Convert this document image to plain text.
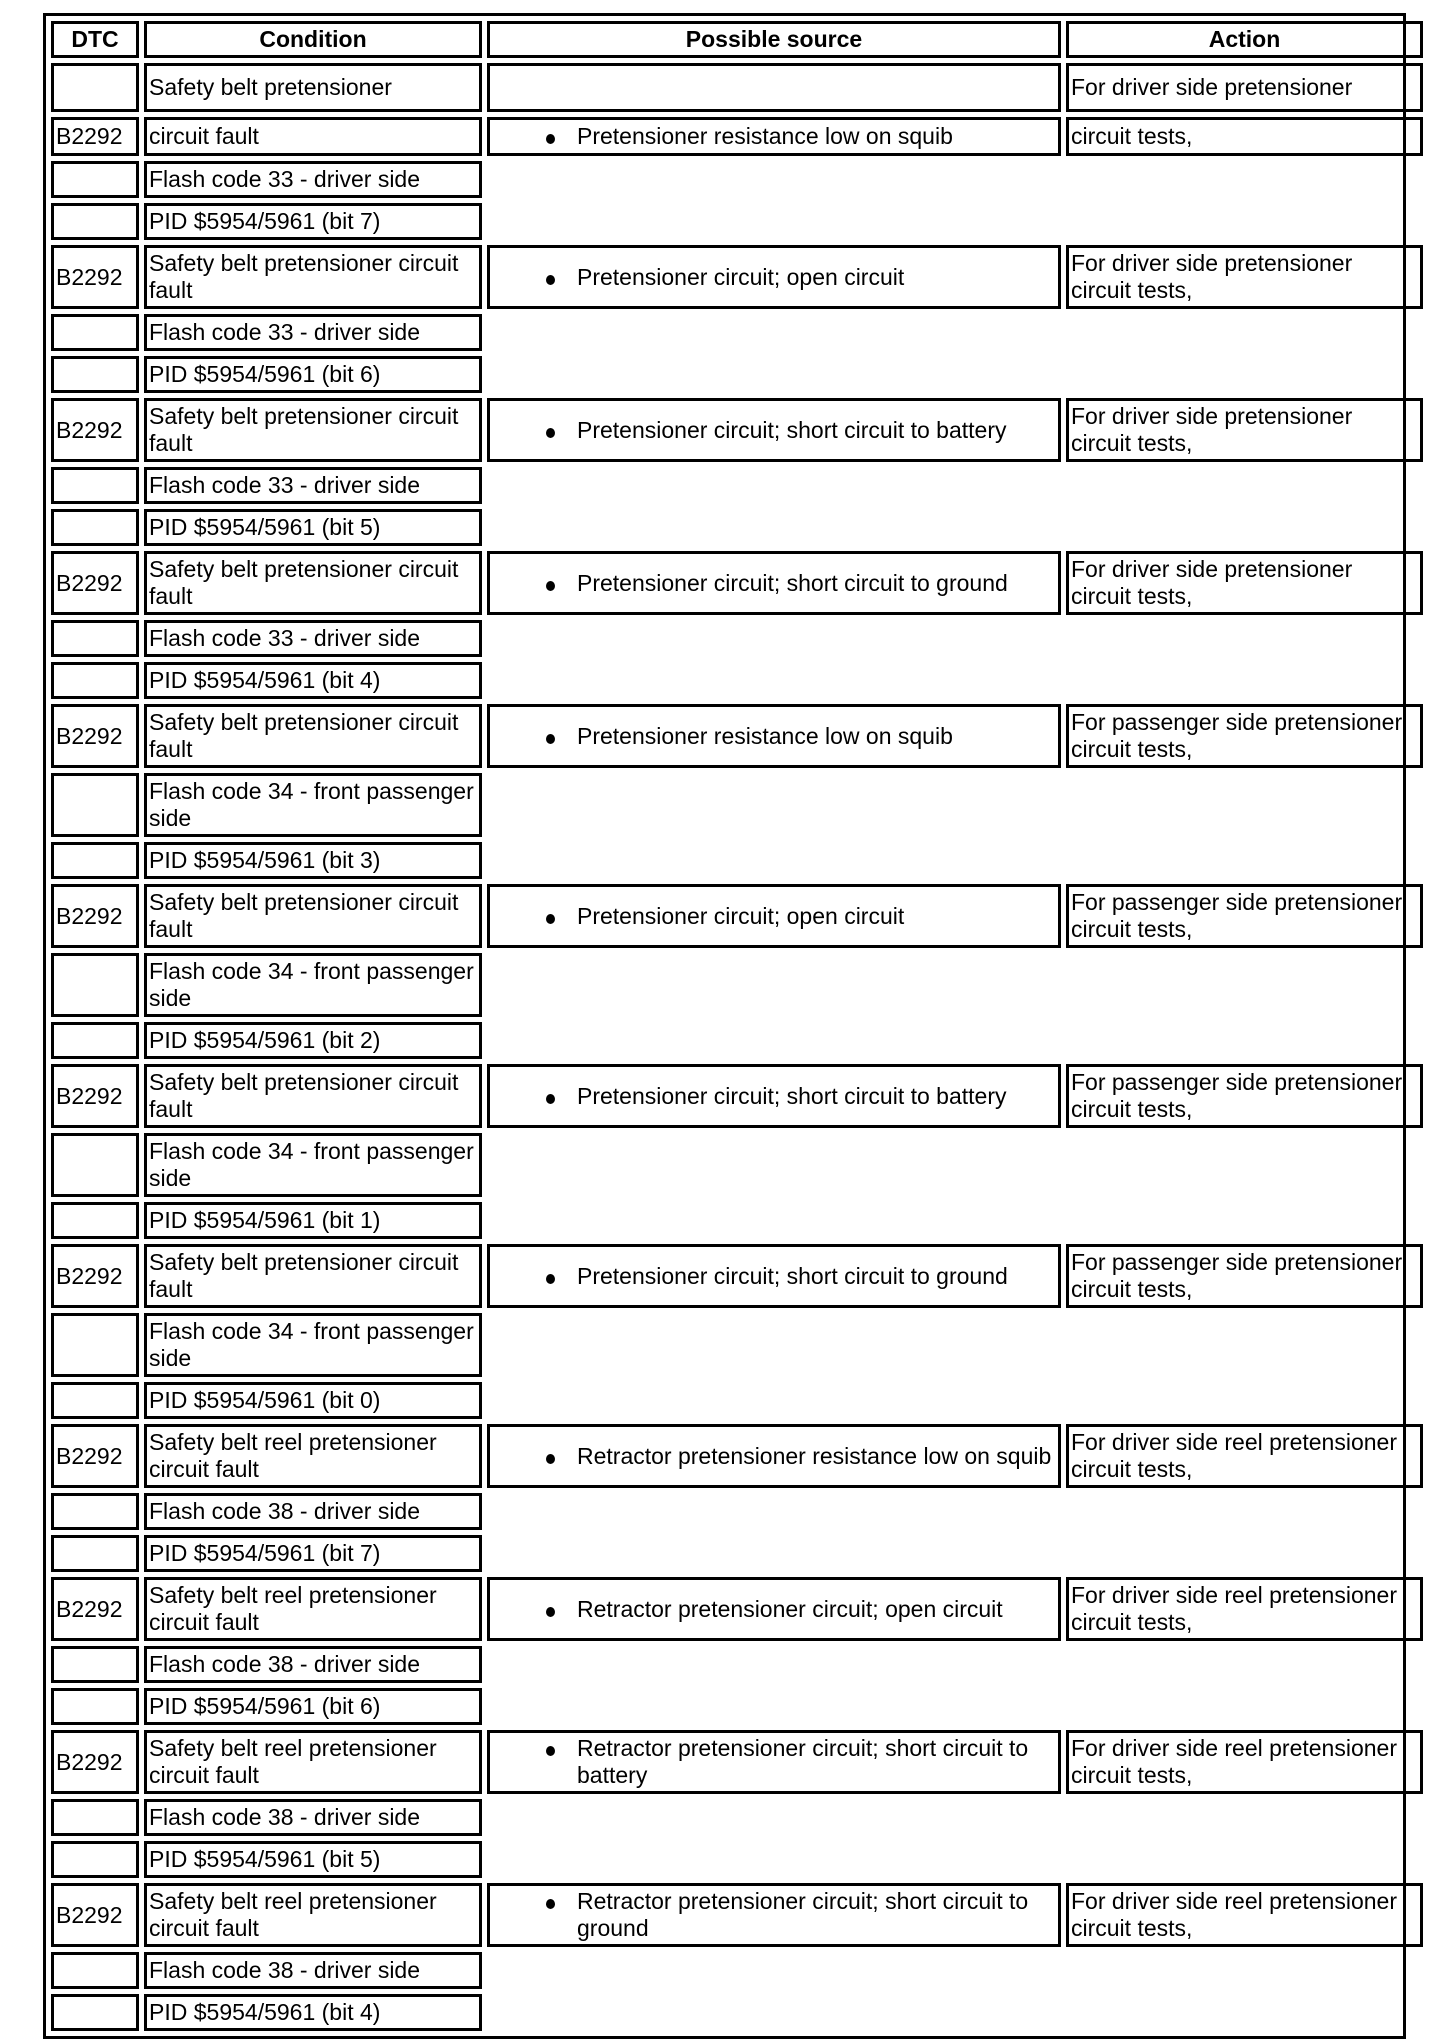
DTC	Condition	Possible source	Action

	Safety belt pretensioner		For driver side pretensioner

B2292	circuit fault	Pretensioner resistance low on squib	circuit tests,

	Flash code 33 - driver side		

	PID $5954/5961 (bit 7)		

B2292	Safety belt pretensioner circuit fault	Pretensioner circuit; open circuit	For driver side pretensioner circuit tests,

	Flash code 33 - driver side		

	PID $5954/5961 (bit 6)		

B2292	Safety belt pretensioner circuit fault	Pretensioner circuit; short circuit to battery	For driver side pretensioner circuit tests,

	Flash code 33 - driver side		

	PID $5954/5961 (bit 5)		

B2292	Safety belt pretensioner circuit fault	Pretensioner circuit; short circuit to ground	For driver side pretensioner circuit tests,

	Flash code 33 - driver side		

	PID $5954/5961 (bit 4)		

B2292	Safety belt pretensioner circuit fault	Pretensioner resistance low on squib	For passenger side pretensioner circuit tests,

	Flash code 34 - front passenger side		

	PID $5954/5961 (bit 3)		

B2292	Safety belt pretensioner circuit fault	Pretensioner circuit; open circuit	For passenger side pretensioner circuit tests,

	Flash code 34 - front passenger side		

	PID $5954/5961 (bit 2)		

B2292	Safety belt pretensioner circuit fault	Pretensioner circuit; short circuit to battery	For passenger side pretensioner circuit tests,

	Flash code 34 - front passenger side		

	PID $5954/5961 (bit 1)		

B2292	Safety belt pretensioner circuit fault	Pretensioner circuit; short circuit to ground	For passenger side pretensioner circuit tests,

	Flash code 34 - front passenger side		

	PID $5954/5961 (bit 0)		

B2292	Safety belt reel pretensioner circuit fault	Retractor pretensioner resistance low on squib	For driver side reel pretensioner circuit tests,

	Flash code 38 - driver side		

	PID $5954/5961 (bit 7)		

B2292	Safety belt reel pretensioner circuit fault	Retractor pretensioner circuit; open circuit	For driver side reel pretensioner circuit tests,

	Flash code 38 - driver side		

	PID $5954/5961 (bit 6)		

B2292	Safety belt reel pretensioner circuit fault	Retractor pretensioner circuit; short circuit to battery	For driver side reel pretensioner circuit tests,

	Flash code 38 - driver side		

	PID $5954/5961 (bit 5)		

B2292	Safety belt reel pretensioner circuit fault	Retractor pretensioner circuit; short circuit to ground	For driver side reel pretensioner circuit tests,

	Flash code 38 - driver side		

	PID $5954/5961 (bit 4)		
